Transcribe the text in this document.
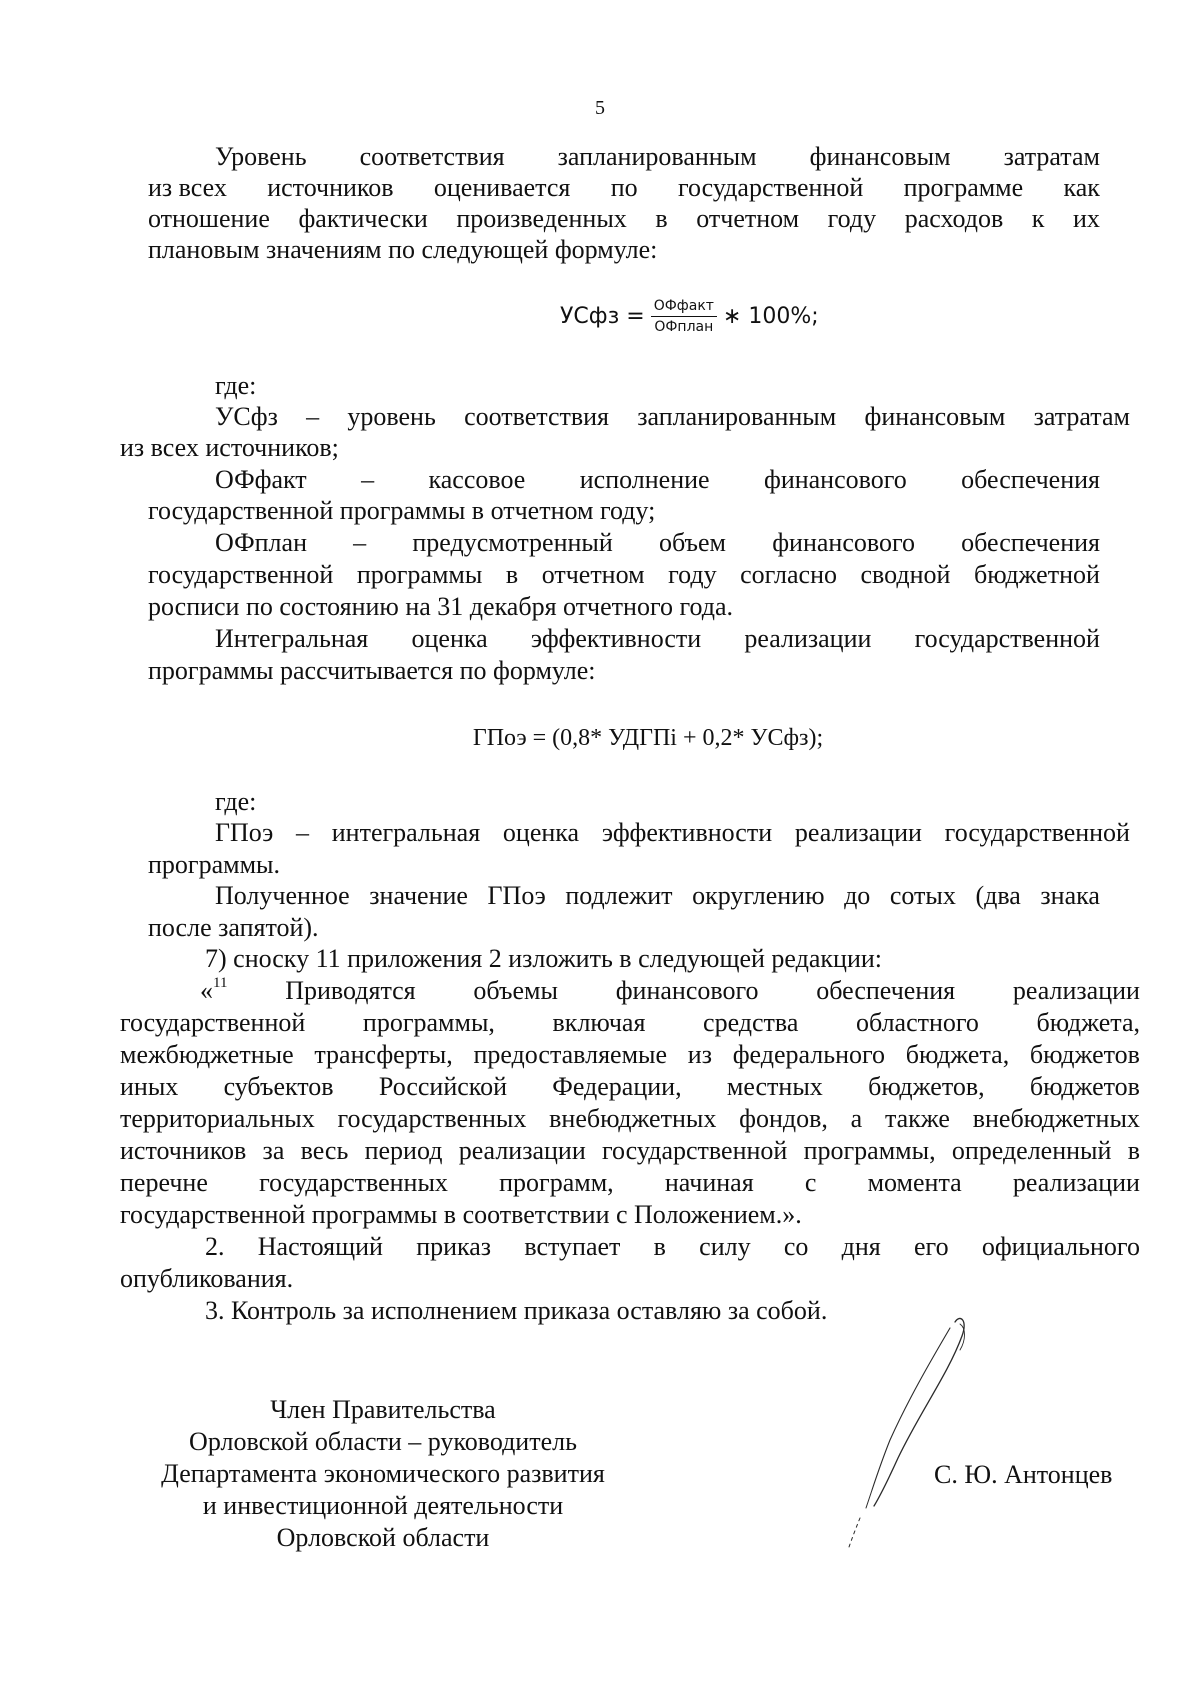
5
Уровень соответствия запланированным финансовым затратам
из всех источников оценивается по государственной программе как
отношение фактически произведенных в отчетном году расходов к их
плановым значениям по следующей формуле:
УСфз = $\frac{\text{ОФфакт}}{\text{ОФплан}}$ ∗ 100%;
где:
УСфз – уровень соответствия запланированным финансовым затратам
из всех источников;
ОФфакт – кассовое исполнение финансового обеспечения
государственной программы в отчетном году;
ОФплан – предусмотренный объем финансового обеспечения
государственной программы в отчетном году согласно сводной бюджетной
росписи по состоянию на 31 декабря отчетного года.
Интегральная оценка эффективности реализации государственной
программы рассчитывается по формуле:
ГПоэ = (0,8* УДГПi + 0,2* УСфз);
где:
ГПоэ – интегральная оценка эффективности реализации государственной
программы.
Полученное значение ГПоэ подлежит округлению до сотых (два знака
после запятой).
7) сноску 11 приложения 2 изложить в следующей редакции:
«$^{11}$ Приводятся объемы финансового обеспечения реализации
государственной программы, включая средства областного бюджета,
межбюджетные трансферты, предоставляемые из федерального бюджета, бюджетов
иных субъектов Российской Федерации, местных бюджетов, бюджетов
территориальных государственных внебюджетных фондов, а также внебюджетных
источников за весь период реализации государственной программы, определенный в
перечне государственных программ, начиная с момента реализации
государственной программы в соответствии с Положением.».
2. Настоящий приказ вступает в силу со дня его официального
опубликования.
3. Контроль за исполнением приказа оставляю за собой.
Член Правительства
Орловской области – руководитель
Департамента экономического развития
и инвестиционной деятельности
Орловской области
С. Ю. Антонцев
